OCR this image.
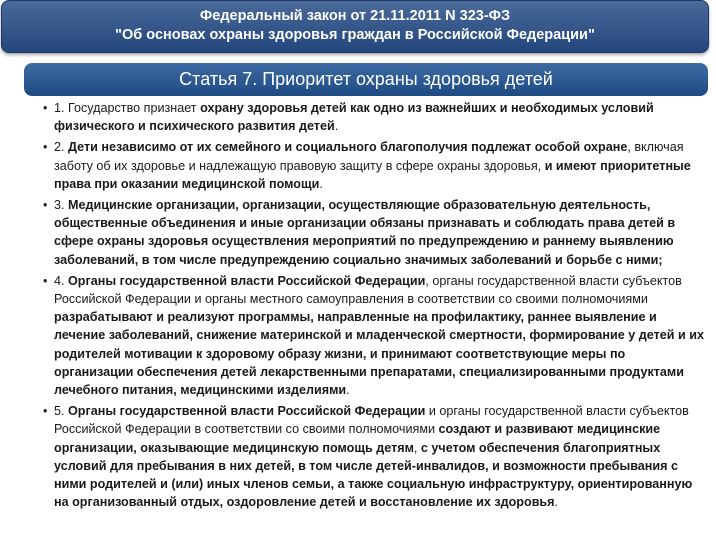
Федеральный закон от 21.11.2011 N 323-ФЗ
"Об основах охраны здоровья граждан в Российской Федерации"
Статья 7. Приоритет охраны здоровья детей
• 1. Государство признает охрану здоровья детей как одно из важнейших и необходимых условий физического и психического развития детей.
• 2. Дети независимо от их семейного и социального благополучия подлежат особой охране, включая заботу об их здоровье и надлежащую правовую защиту в сфере охраны здоровья, и имеют приоритетные права при оказании медицинской помощи.
• 3. Медицинские организации, организации, осуществляющие образовательную деятельность, общественные объединения и иные организации обязаны признавать и соблюдать права детей в сфере охраны здоровья осуществления мероприятий по предупреждению и раннему выявлению заболеваний, в том числе предупреждению социально значимых заболеваний и борьбе с ними;
• 4. Органы государственной власти Российской Федерации, органы государственной власти субъектов Российской Федерации и органы местного самоуправления в соответствии со своими полномочиями разрабатывают и реализуют программы, направленные на профилактику, раннее выявление и лечение заболеваний, снижение материнской и младенческой смертности, формирование у детей и их родителей мотивации к здоровому образу жизни, и принимают соответствующие меры по организации обеспечения детей лекарственными препаратами, специализированными продуктами лечебного питания, медицинскими изделиями.
• 5. Органы государственной власти Российской Федерации и органы государственной власти субъектов Российской Федерации в соответствии со своими полномочиями создают и развивают медицинские организации, оказывающие медицинскую помощь детям, с учетом обеспечения благоприятных условий для пребывания в них детей, в том числе детей-инвалидов, и возможности пребывания с ними родителей и (или) иных членов семьи, а также социальную инфраструктуру, ориентированную на организованный отдых, оздоровление детей и восстановление их здоровья.
